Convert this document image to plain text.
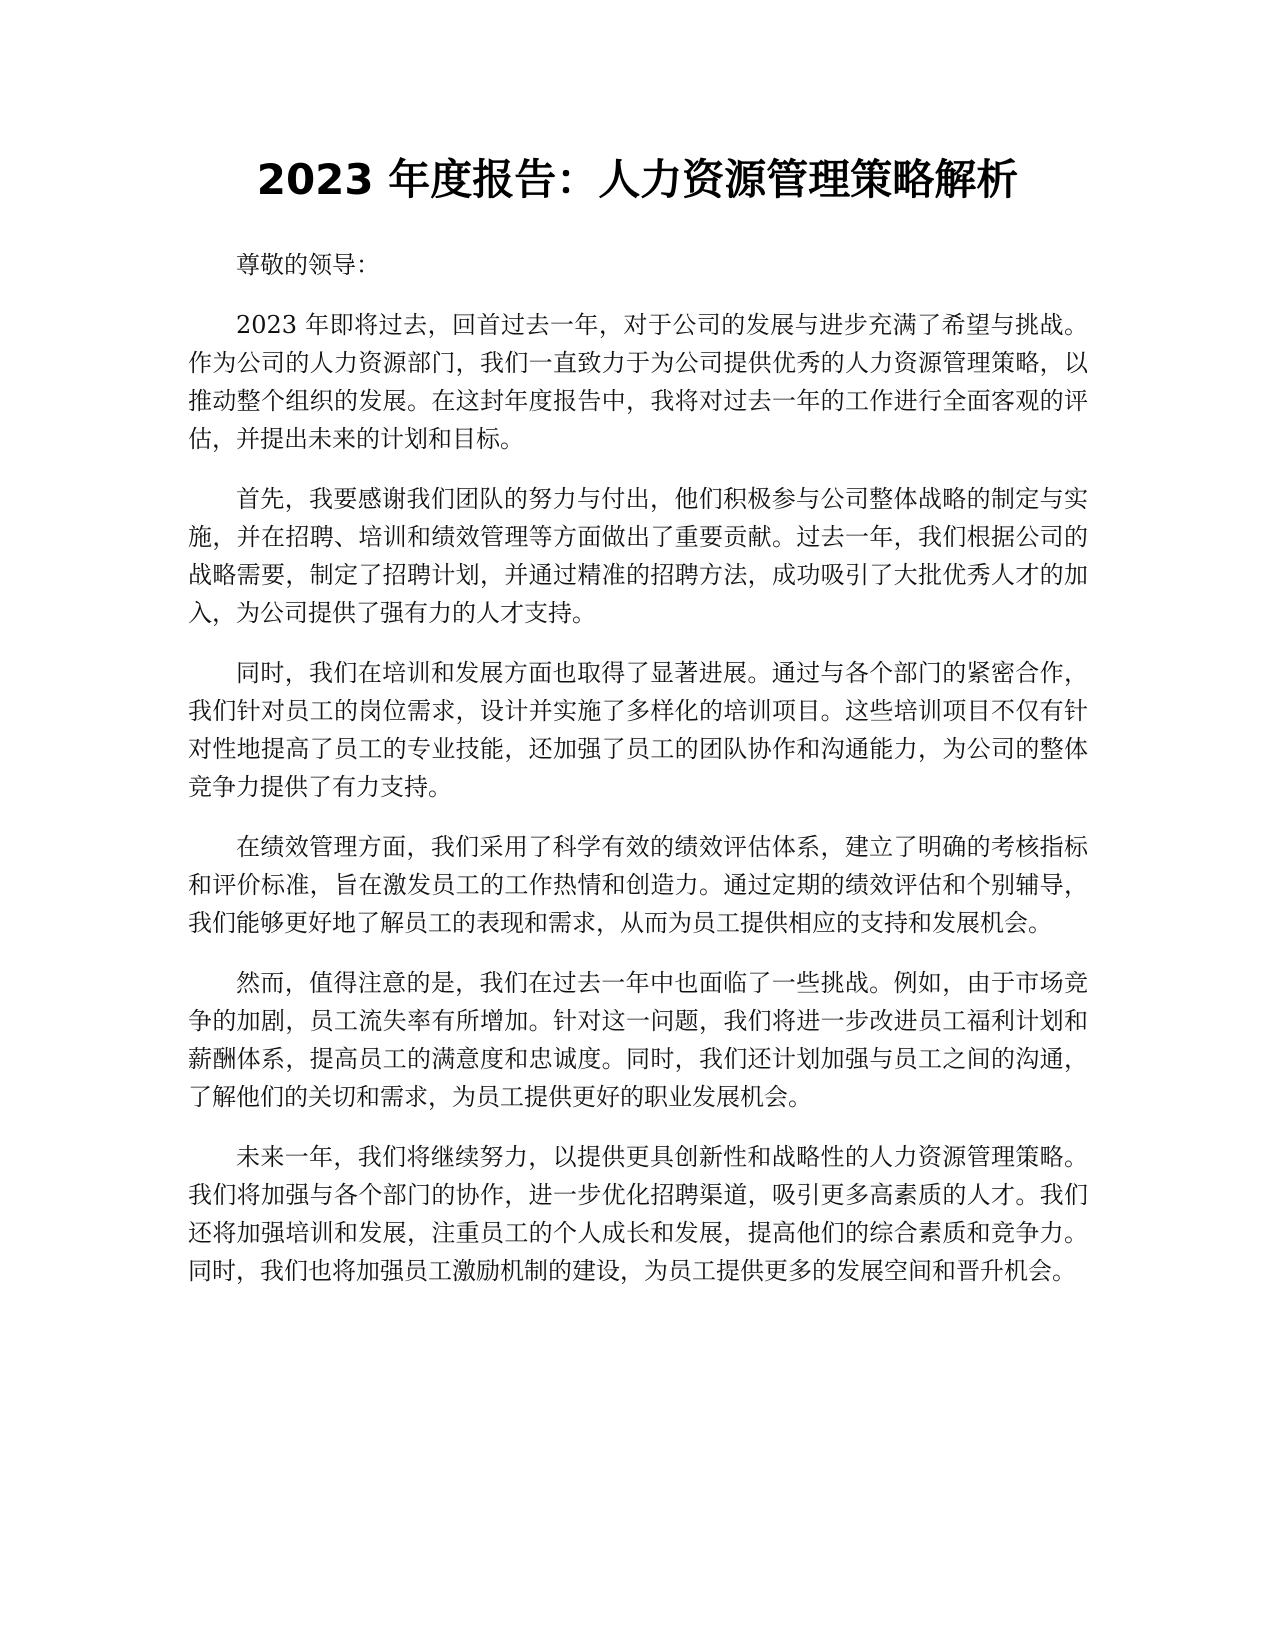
2023 年度报告：人力资源管理策略解析

尊敬的领导：

2023 年即将过去，回首过去一年，对于公司的发展与进步充满了希望与挑战。作为公司的人力资源部门，我们一直致力于为公司提供优秀的人力资源管理策略，以推动整个组织的发展。在这封年度报告中，我将对过去一年的工作进行全面客观的评估，并提出未来的计划和目标。

首先，我要感谢我们团队的努力与付出，他们积极参与公司整体战略的制定与实施，并在招聘、培训和绩效管理等方面做出了重要贡献。过去一年，我们根据公司的战略需要，制定了招聘计划，并通过精准的招聘方法，成功吸引了大批优秀人才的加入，为公司提供了强有力的人才支持。

同时，我们在培训和发展方面也取得了显著进展。通过与各个部门的紧密合作，我们针对员工的岗位需求，设计并实施了多样化的培训项目。这些培训项目不仅有针对性地提高了员工的专业技能，还加强了员工的团队协作和沟通能力，为公司的整体竞争力提供了有力支持。

在绩效管理方面，我们采用了科学有效的绩效评估体系，建立了明确的考核指标和评价标准，旨在激发员工的工作热情和创造力。通过定期的绩效评估和个别辅导，我们能够更好地了解员工的表现和需求，从而为员工提供相应的支持和发展机会。

然而，值得注意的是，我们在过去一年中也面临了一些挑战。例如，由于市场竞争的加剧，员工流失率有所增加。针对这一问题，我们将进一步改进员工福利计划和薪酬体系，提高员工的满意度和忠诚度。同时，我们还计划加强与员工之间的沟通，了解他们的关切和需求，为员工提供更好的职业发展机会。

未来一年，我们将继续努力，以提供更具创新性和战略性的人力资源管理策略。我们将加强与各个部门的协作，进一步优化招聘渠道，吸引更多高素质的人才。我们还将加强培训和发展，注重员工的个人成长和发展，提高他们的综合素质和竞争力。同时，我们也将加强员工激励机制的建设，为员工提供更多的发展空间和晋升机会。
